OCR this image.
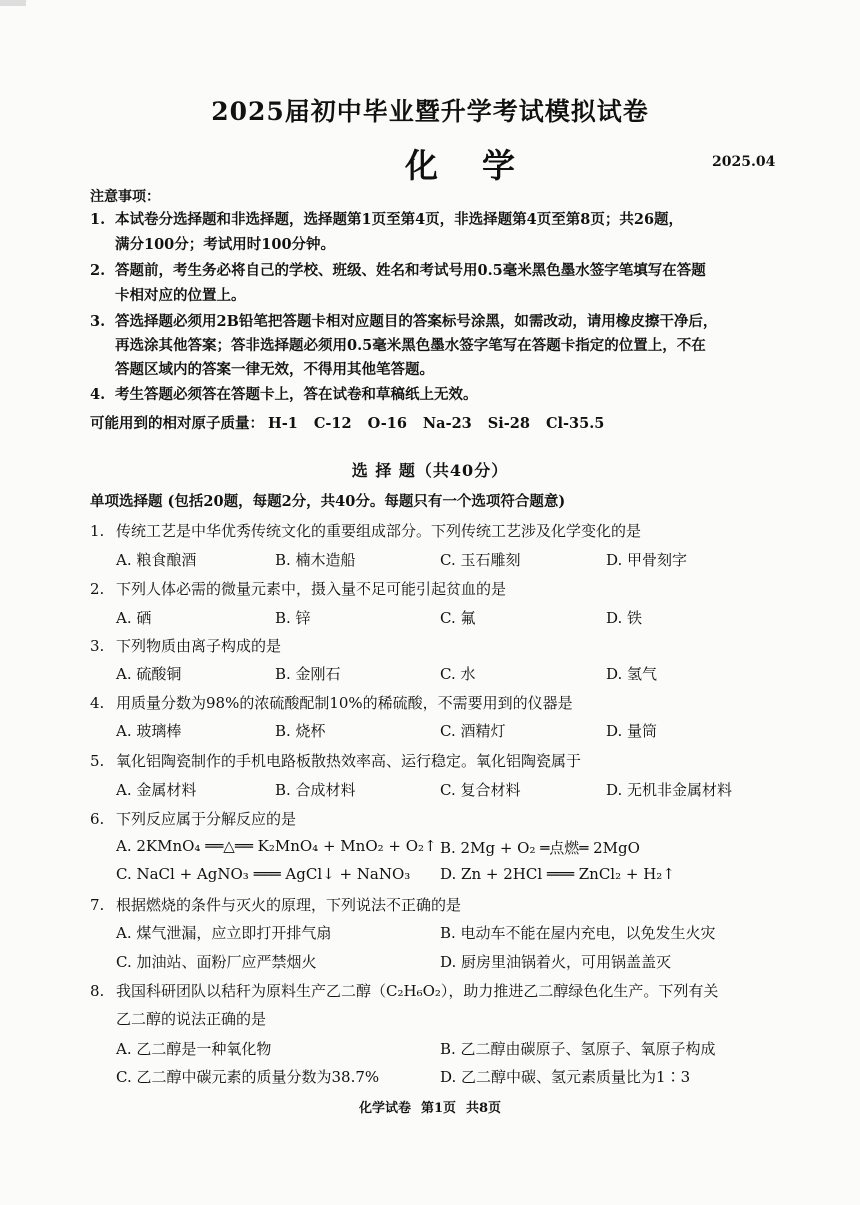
2025届初中毕业暨升学考试模拟试卷
化学	2025.04
注意事项：
1. 本试卷分选择题和非选择题，选择题第1页至第4页，非选择题第4页至第8页；共26题，
满分100分；考试用时100分钟。
2. 答题前，考生务必将自己的学校、班级、姓名和考试号用0.5毫米黑色墨水签字笔填写在答题
卡相对应的位置上。
3. 答选择题必须用2B铅笔把答题卡相对应题目的答案标号涂黑，如需改动，请用橡皮擦干净后，
再选涂其他答案；答非选择题必须用0.5毫米黑色墨水签字笔写在答题卡指定的位置上，不在
答题区域内的答案一律无效，不得用其他笔答题。
4. 考生答题必须答在答题卡上，答在试卷和草稿纸上无效。
可能用到的相对原子质量： H-1 C-12 O-16 Na-23 Si-28 Cl-35.5
选 择 题（共40分）
单项选择题 (包括20题，每题2分，共40分。每题只有一个选项符合题意)
1. 传统工艺是中华优秀传统文化的重要组成部分。下列传统工艺涉及化学变化的是
A. 粮食酿酒	B. 楠木造船	C. 玉石雕刻	D. 甲骨刻字
2. 下列人体必需的微量元素中，摄入量不足可能引起贫血的是
A. 硒	B. 锌	C. 氟	D. 铁
3. 下列物质由离子构成的是
A. 硫酸铜	B. 金刚石	C. 水	D. 氢气
4. 用质量分数为98%的浓硫酸配制10%的稀硫酸，不需要用到的仪器是
A. 玻璃棒	B. 烧杯	C. 酒精灯	D. 量筒
5. 氧化铝陶瓷制作的手机电路板散热效率高、运行稳定。氧化铝陶瓷属于
A. 金属材料	B. 合成材料	C. 复合材料	D. 无机非金属材料
6. 下列反应属于分解反应的是
A. 2KMnO₄ ══△══ K₂MnO₄ + MnO₂ + O₂↑ B. 2Mg + O₂ ═点燃═ 2MgO
C. NaCl + AgNO₃ ═══ AgCl↓ + NaNO₃ D. Zn + 2HCl ═══ ZnCl₂ + H₂↑
7. 根据燃烧的条件与灭火的原理，下列说法不正确的是
A. 煤气泄漏，应立即打开排气扇	B. 电动车不能在屋内充电，以免发生火灾
C. 加油站、面粉厂应严禁烟火	D. 厨房里油锅着火，可用锅盖盖灭
8. 我国科研团队以秸秆为原料生产乙二醇（C₂H₆O₂），助力推进乙二醇绿色化生产。下列有关
乙二醇的说法正确的是
A. 乙二醇是一种氧化物	B. 乙二醇由碳原子、氢原子、氧原子构成
C. 乙二醇中碳元素的质量分数为38.7%	D. 乙二醇中碳、氢元素质量比为1∶3
化学试卷 第1页 共8页
